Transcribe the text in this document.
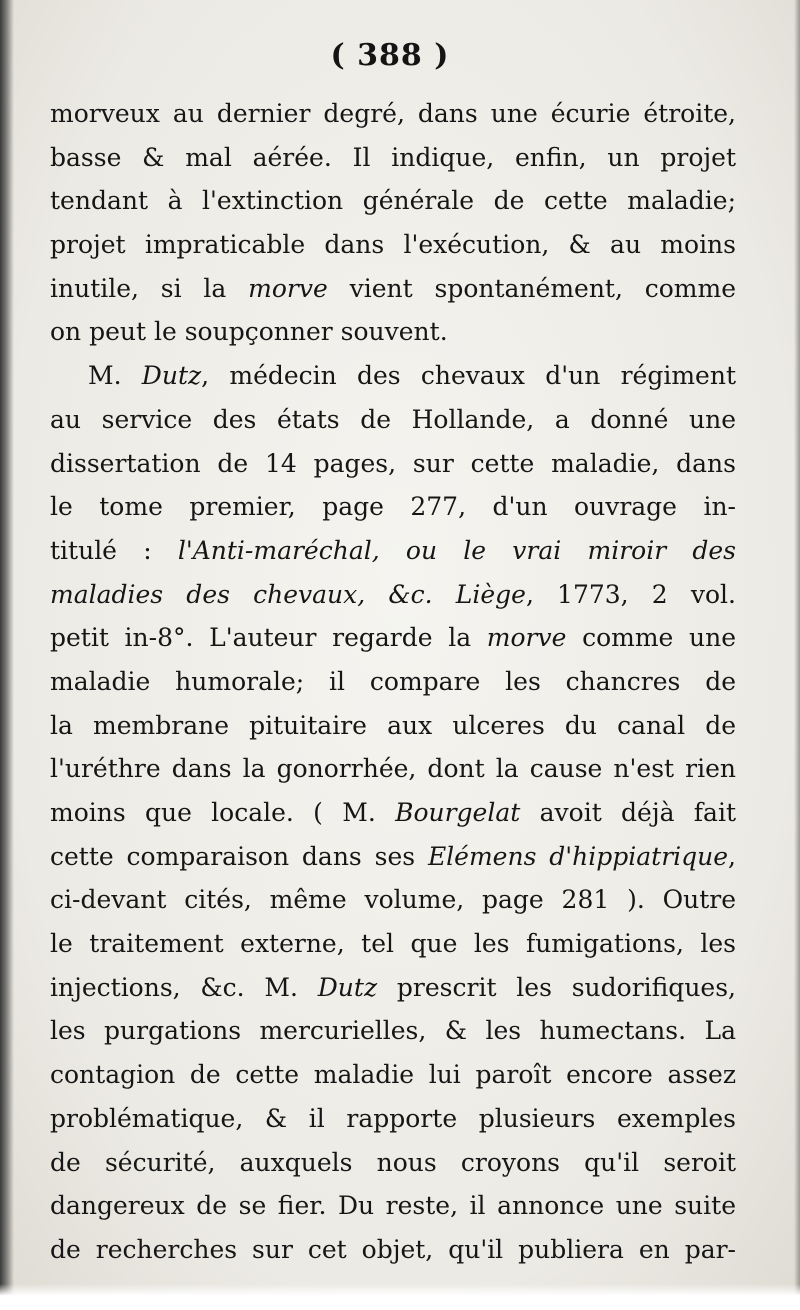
( 388 )
morveux au dernier degré, dans une écurie étroite,
basse & mal aérée. Il indique, enfin, un projet
tendant à l'extinction générale de cette maladie;
projet impraticable dans l'exécution, & au moins
inutile, si la morve vient spontanément, comme
on peut le soupçonner souvent.
M. Dutz, médecin des chevaux d'un régiment
au service des états de Hollande, a donné une
dissertation de 14 pages, sur cette maladie, dans
le tome premier, page 277, d'un ouvrage in-
titulé : l'Anti-maréchal, ou le vrai miroir des
maladies des chevaux, &c. Liège, 1773, 2 vol.
petit in-8°. L'auteur regarde la morve comme une
maladie humorale; il compare les chancres de
la membrane pituitaire aux ulceres du canal de
l'uréthre dans la gonorrhée, dont la cause n'est rien
moins que locale. ( M. Bourgelat avoit déjà fait
cette comparaison dans ses Elémens d'hippiatrique,
ci-devant cités, même volume, page 281 ). Outre
le traitement externe, tel que les fumigations, les
injections, &c. M. Dutz prescrit les sudorifiques,
les purgations mercurielles, & les humectans. La
contagion de cette maladie lui paroît encore assez
problématique, & il rapporte plusieurs exemples
de sécurité, auxquels nous croyons qu'il seroit
dangereux de se fier. Du reste, il annonce une suite
de recherches sur cet objet, qu'il publiera en par-
